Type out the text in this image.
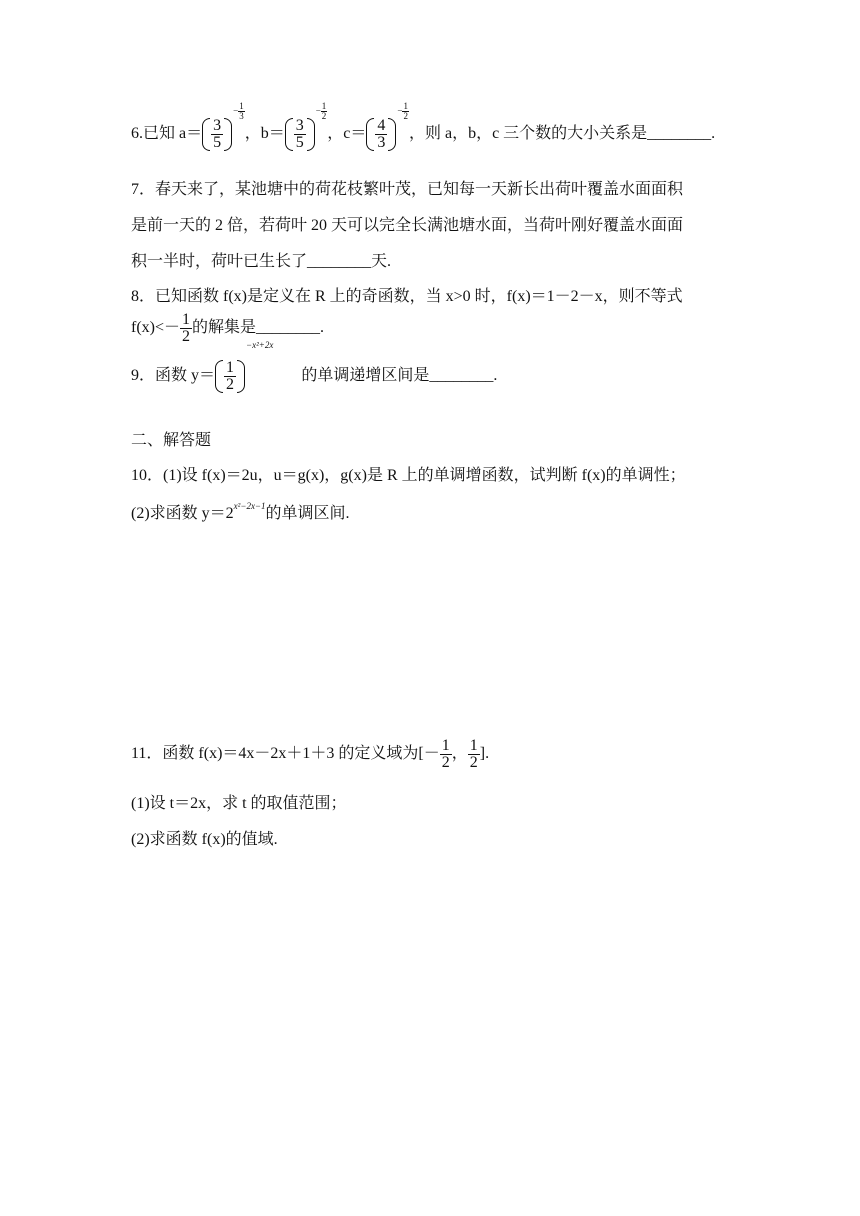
6.已知 $a= \frac{3}{5}$
− $\frac{1}{3}$
，$b= \frac{3}{5}$
− $\frac{1}{2}$
，$c= \frac{4}{3}$
− $\frac{1}{2}$
，则 a，b，c 三个数的大小关系是________.
7．春天来了，某池塘中的荷花枝繁叶茂，已知每一天新长出荷叶覆盖水面面积
是前一天的 2 倍，若荷叶 20 天可以完全长满池塘水面，当荷叶刚好覆盖水面面
积一半时，荷叶已生长了________天.
8．已知函数 f(x)是定义在 R 上的奇函数，当 x>0 时，f(x)＝1－2－x，则不等式
$f(x)<- \frac{1}{2}$ 的解集是________.
9．函数 $y= \frac{1}{2}$
−x²+2x的单调递增区间是________.
二、解答题
10．(1)设 f(x)＝2u，u＝g(x)，g(x)是 R 上的单调增函数，试判断 f(x)的单调性；
(2)求函数 $y=2^{x^2-2x-1}$的单调区间.
11．函数 f(x)＝4x－2x＋1＋3 的定义域为[－ $\frac{1}{2}$ ， $\frac{1}{2}$ ].
(1)设 t＝2x，求 t 的取值范围；
(2)求函数 f(x)的值域.
